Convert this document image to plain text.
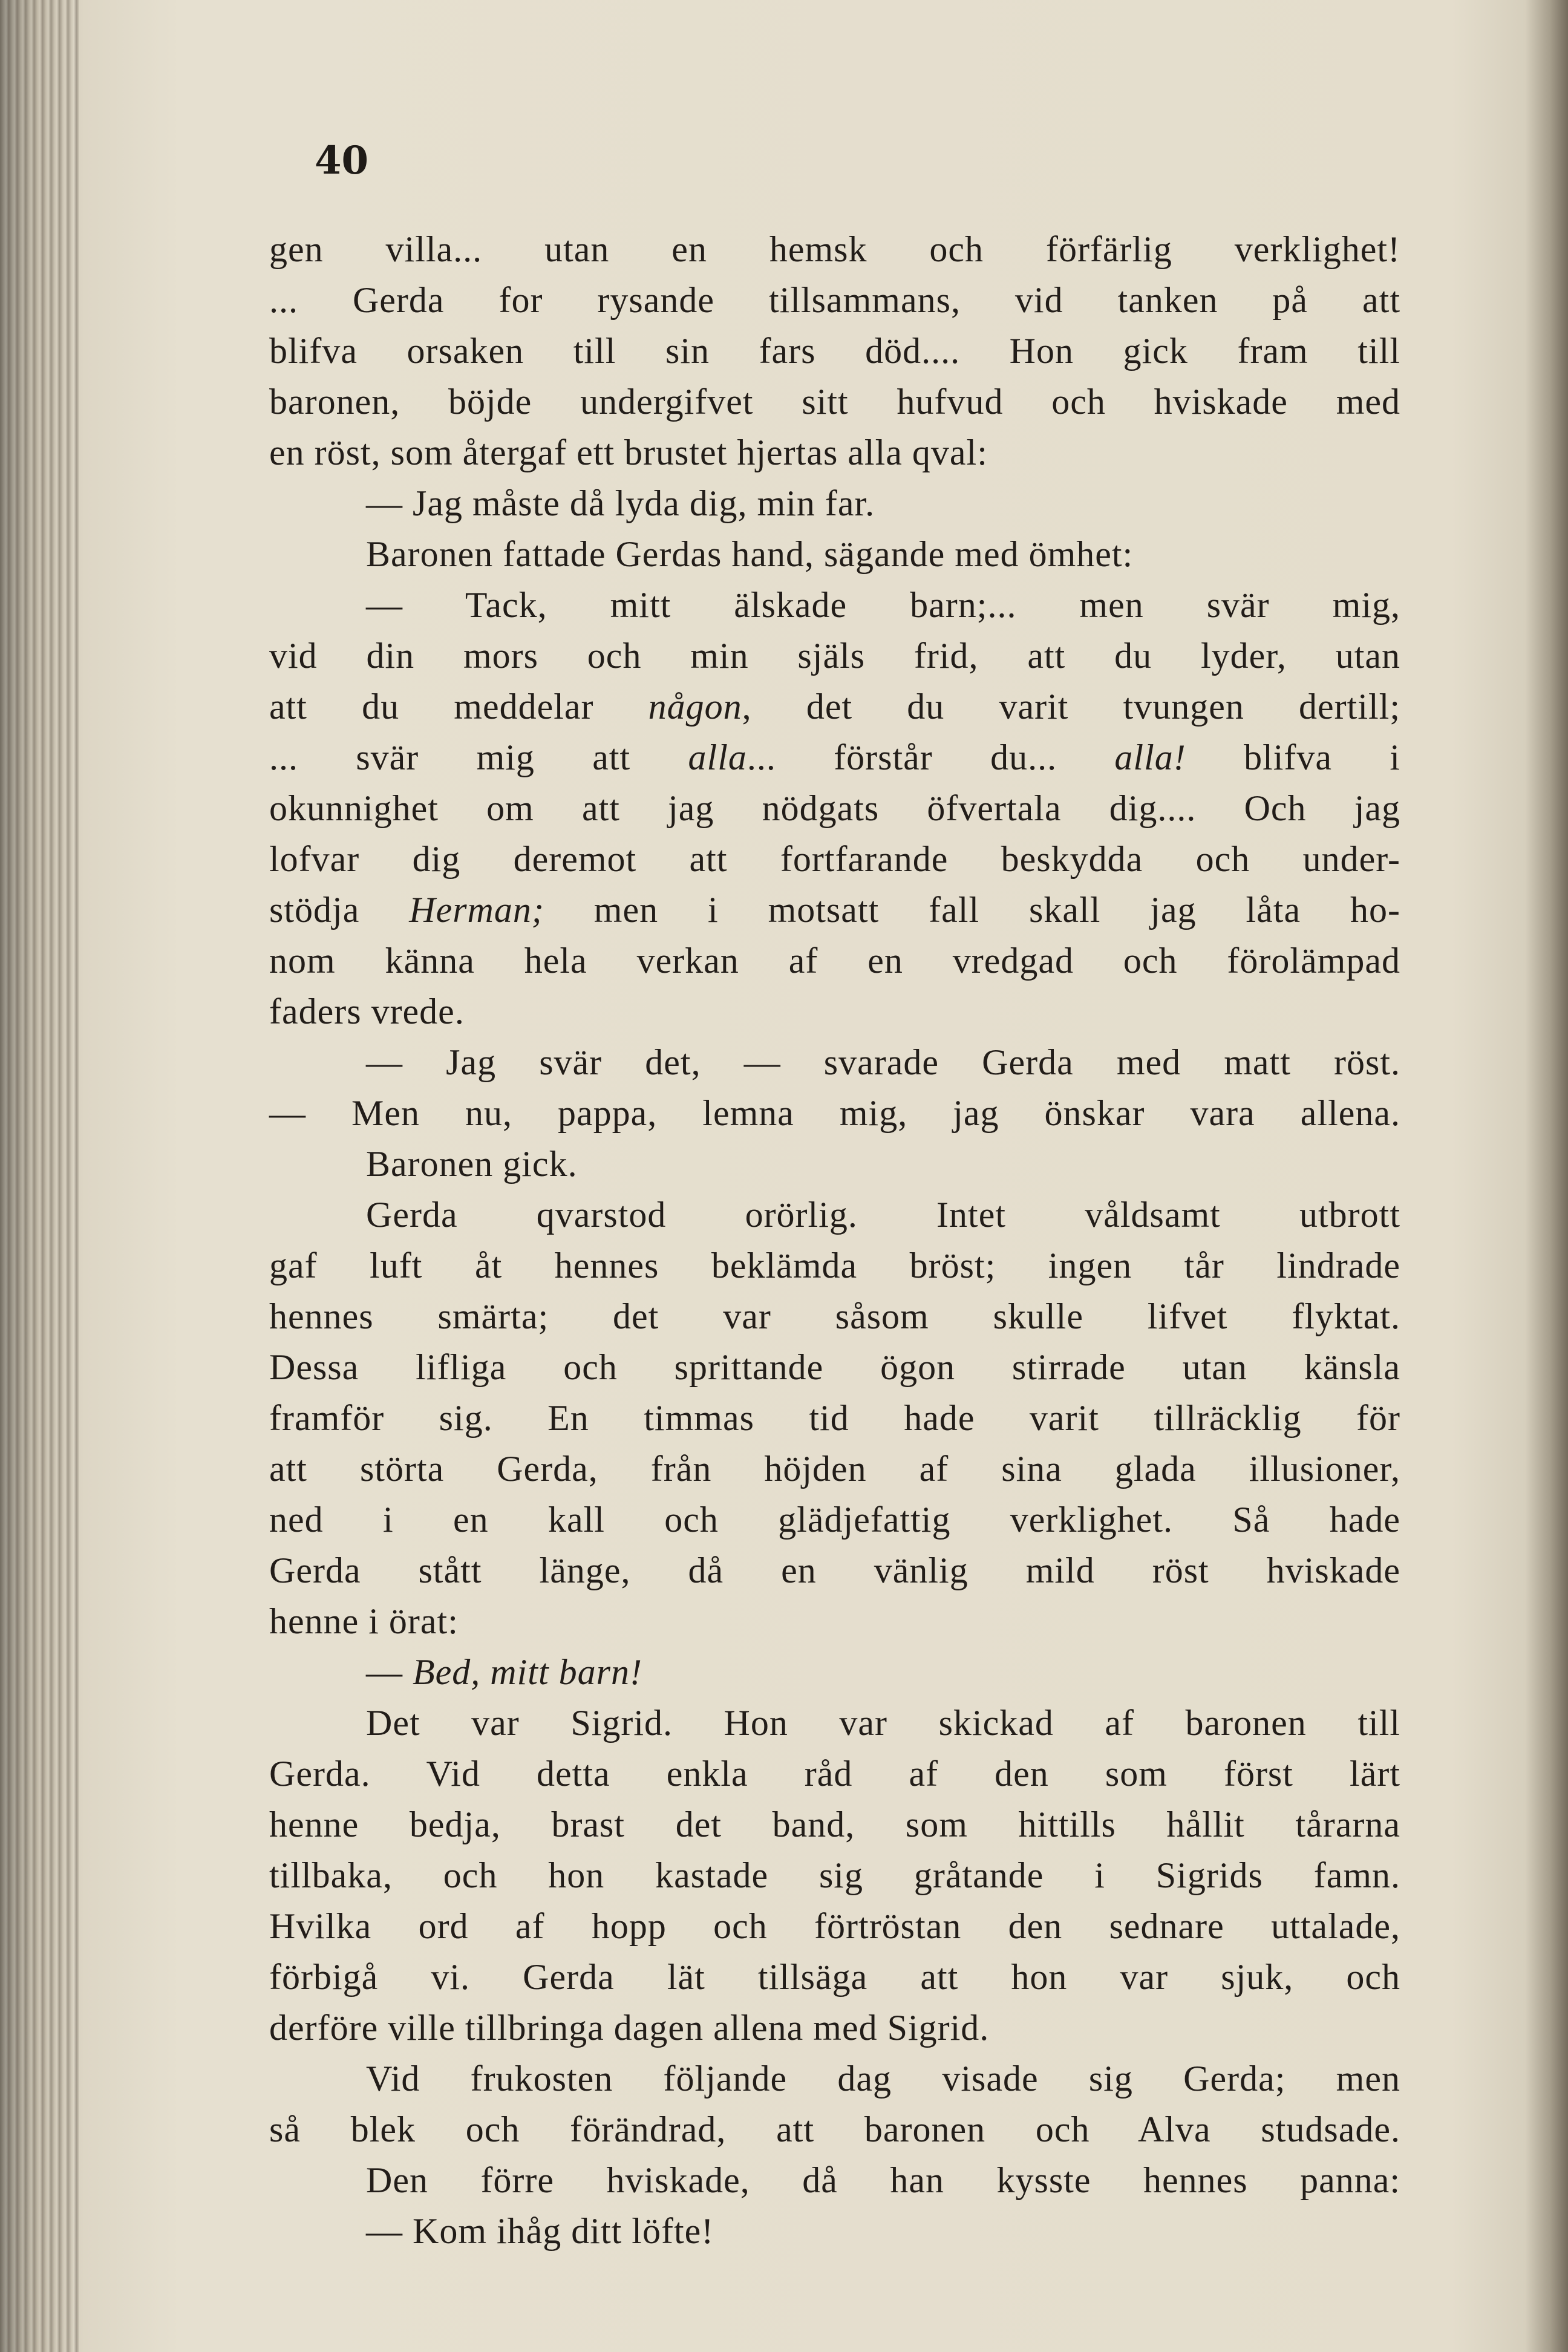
40
gen villa... utan en hemsk och förfärlig verklighet!
... Gerda for rysande tillsammans, vid tanken på att
blifva orsaken till sin fars död.... Hon gick fram till
baronen, böjde undergifvet sitt hufvud och hviskade med
en röst, som återgaf ett brustet hjertas alla qval:
— Jag måste då lyda dig, min far.
Baronen fattade Gerdas hand, sägande med ömhet:
— Tack, mitt älskade barn;... men svär mig,
vid din mors och min själs frid, att du lyder, utan
att du meddelar någon, det du varit tvungen dertill;
... svär mig att alla... förstår du... alla! blifva i
okunnighet om att jag nödgats öfvertala dig.... Och jag
lofvar dig deremot att fortfarande beskydda och under-
stödja Herman; men i motsatt fall skall jag låta ho-
nom känna hela verkan af en vredgad och förolämpad
faders vrede.
— Jag svär det, — svarade Gerda med matt röst.
— Men nu, pappa, lemna mig, jag önskar vara allena.
Baronen gick.
Gerda qvarstod orörlig. Intet våldsamt utbrott
gaf luft åt hennes beklämda bröst; ingen tår lindrade
hennes smärta; det var såsom skulle lifvet flyktat.
Dessa lifliga och sprittande ögon stirrade utan känsla
framför sig. En timmas tid hade varit tillräcklig för
att störta Gerda, från höjden af sina glada illusioner,
ned i en kall och glädjefattig verklighet. Så hade
Gerda stått länge, då en vänlig mild röst hviskade
henne i örat:
— Bed, mitt barn!
Det var Sigrid. Hon var skickad af baronen till
Gerda. Vid detta enkla råd af den som först lärt
henne bedja, brast det band, som hittills hållit tårarna
tillbaka, och hon kastade sig gråtande i Sigrids famn.
Hvilka ord af hopp och förtröstan den sednare uttalade,
förbigå vi. Gerda lät tillsäga att hon var sjuk, och
derföre ville tillbringa dagen allena med Sigrid.
Vid frukosten följande dag visade sig Gerda; men
så blek och förändrad, att baronen och Alva studsade.
Den förre hviskade, då han kysste hennes panna:
— Kom ihåg ditt löfte!
